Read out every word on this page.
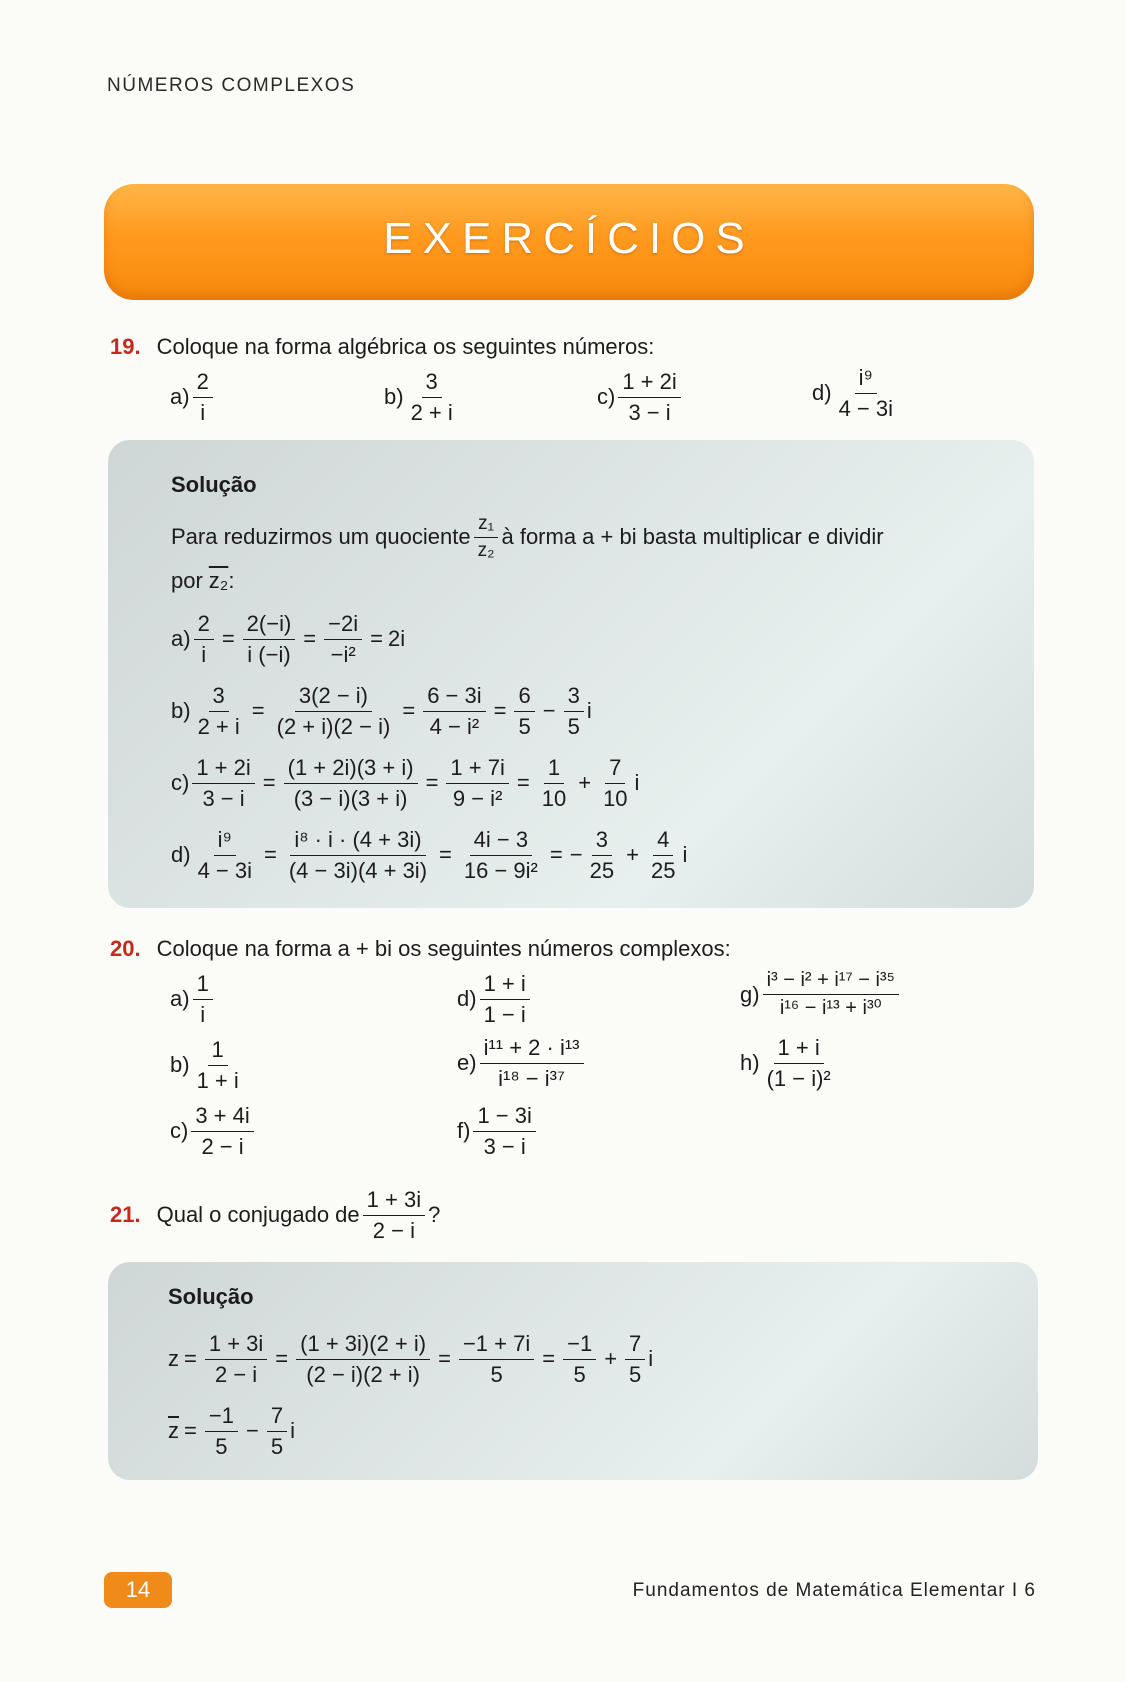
NÚMEROS COMPLEXOS
EXERCÍCIOS
19. Coloque na forma algébrica os seguintes números:
$a) \frac{2}{i}$	$b) \frac{3}{2 + i}$	$c) \frac{1 + 2i}{3 - i}$	$d) \frac{\text{i⁹}}{4 - 3i}$
Solução
Para reduzirmos um quociente $\frac{\text{z₁}}{\text{z₂}}$ à forma a + bi basta multiplicar e dividir
por z₂ :
$a) \frac{2}{i} = \frac{2(-i)}{i (-i)} = \frac{-2i}{\text{−i²}} = 2i$
$b) \frac{3}{2 + i} = \frac{3(2 - i)}{(2 + i)(2 - i)} = \frac{6 - 3i}{\text{4 − i²}} = \frac{6}{5} - \frac{3}{5}$ i
$c) \frac{1 + 2i}{3 - i} = \frac{(1 + 2i)(3 + i)}{(3 - i)(3 + i)} = \frac{1 + 7i}{\text{9 − i²}} = \frac{1}{10} + \frac{7}{10}$ i
$d) \frac{\text{i⁹}}{4 - 3i} = \frac{\text{i⁸ · i · (4 + 3i)}}{(4 - 3i)(4 + 3i)} = \frac{4i - 3}{\text{16 − 9i²}}$ = − $\frac{3}{25} + \frac{4}{25}$ i
20. Coloque na forma a + bi os seguintes números complexos:
$a) \frac{1}{i}$
$b) \frac{1}{1 + i}$
$c) \frac{3 + 4i}{2 - i}$
$d) \frac{1 + i}{1 - i}$
$e) \frac{\text{i¹¹ + 2 · i¹³}}{\text{i¹⁸ − i³⁷}}$
$f) \frac{1 - 3i}{3 - i}$
$g) \frac{\text{i³ − i² + i¹⁷ − i³⁵}}{\text{i¹⁶ − i¹³ + i³⁰}}$
$h) \frac{1 + i}{\text{(1 − i)²}}$
21. Qual o conjugado de $\frac{1 + 3i}{2 - i}$ ?
Solução
$z = \frac{1 + 3i}{2 - i} = \frac{(1 + 3i)(2 + i)}{(2 - i)(2 + i)} = \frac{-1 + 7i}{5} = \frac{-1}{5} + \frac{7}{5}$ i
$\overline{z} = \frac{-1}{5} - \frac{7}{5}$ i
14	Fundamentos de Matemática Elementar I 6
